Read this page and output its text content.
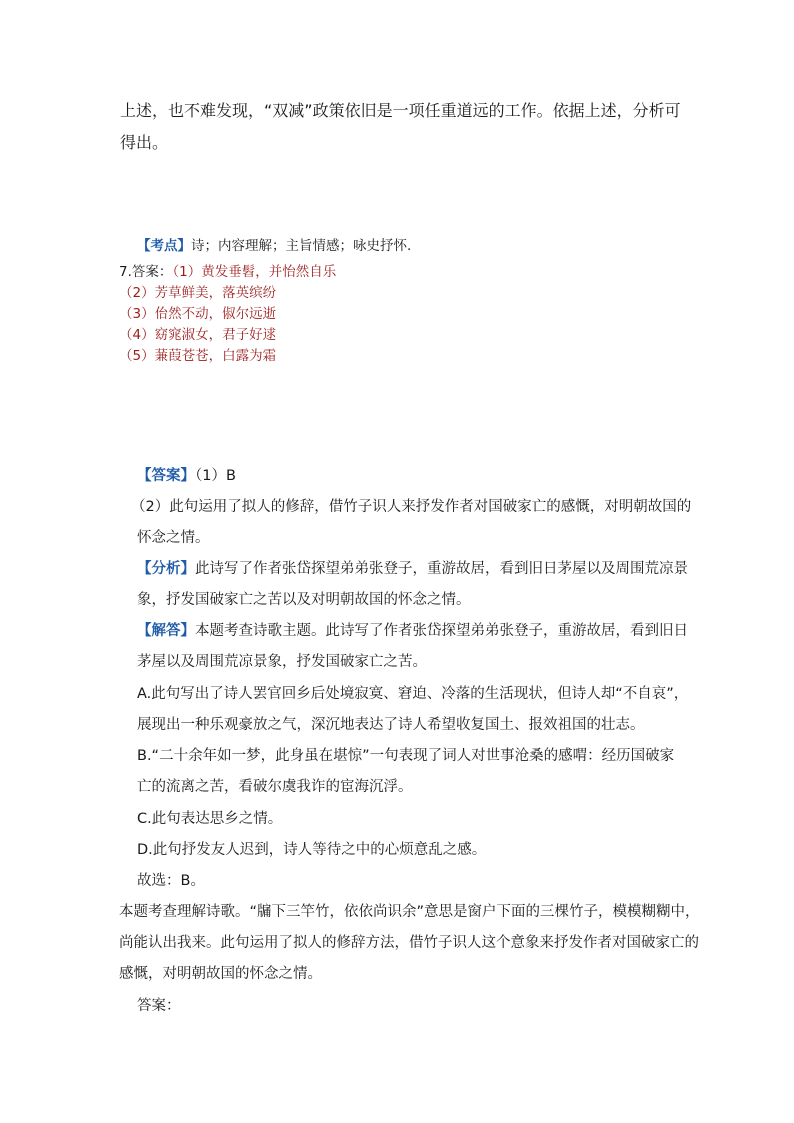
上述，也不难发现，“双减”政策依旧是一项任重道远的工作。依据上述，分析可
得出。
【考点】诗；内容理解；主旨情感；咏史抒怀.
7.答案：（1）黄发垂髫，并怡然自乐
（2）芳草鲜美，落英缤纷
（3）佁然不动，俶尔远逝
（4）窈窕淑女，君子好逑
（5）蒹葭苍苍，白露为霜
【答案】（1）B
（2）此句运用了拟人的修辞，借竹子识人来抒发作者对国破家亡的感慨，对明朝故国的
怀念之情。
【分析】此诗写了作者张岱探望弟弟张登子，重游故居，看到旧日茅屋以及周围荒凉景
象，抒发国破家亡之苦以及对明朝故国的怀念之情。
【解答】本题考查诗歌主题。此诗写了作者张岱探望弟弟张登子，重游故居，看到旧日
茅屋以及周围荒凉景象，抒发国破家亡之苦。
A.此句写出了诗人罢官回乡后处境寂寞、窘迫、冷落的生活现状，但诗人却“不自哀”，
展现出一种乐观豪放之气，深沉地表达了诗人希望收复国土、报效祖国的壮志。
B.“二十余年如一梦，此身虽在堪惊”一句表现了词人对世事沧桑的感喟：经历国破家
亡的流离之苦，看破尔虞我诈的宦海沉浮。
C.此句表达思乡之情。
D.此句抒发友人迟到，诗人等待之中的心烦意乱之感。
故选：B。
本题考查理解诗歌。“牖下三竿竹，依依尚识余”意思是窗户下面的三棵竹子，模模糊糊中，
尚能认出我来。此句运用了拟人的修辞方法，借竹子识人这个意象来抒发作者对国破家亡的
感慨，对明朝故国的怀念之情。
答案：
